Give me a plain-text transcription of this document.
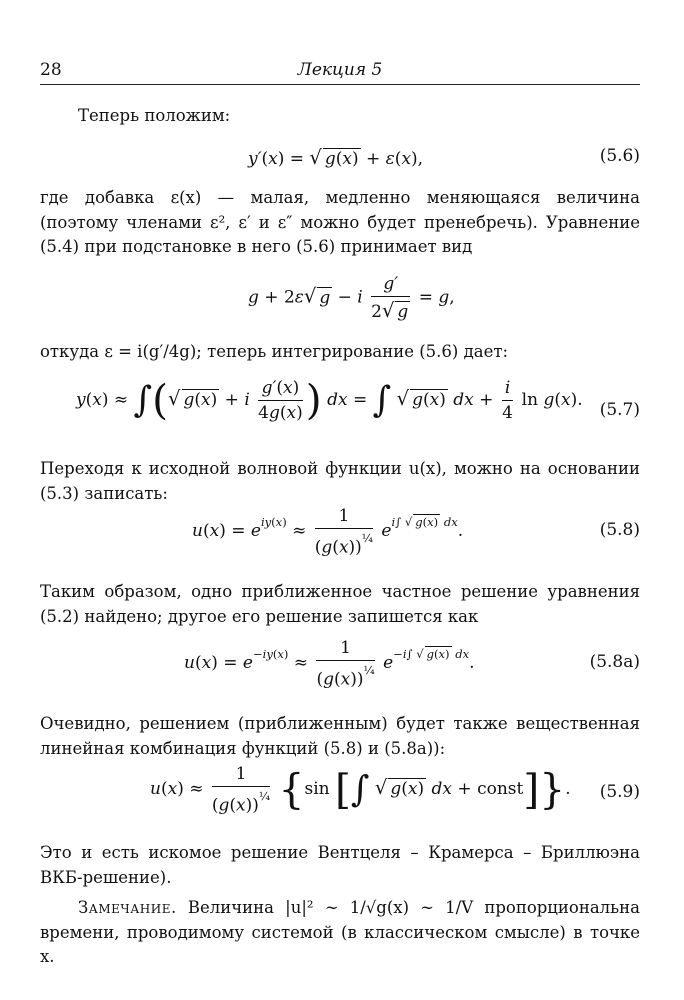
28	Лекция 5
Теперь положим:
y′(x) = √ g(x) + ε(x),	(5.6)
где добавка ε(x) — малая, медленно меняющаяся величина (поэтому членами ε², ε′ и ε″ можно будет пренебречь). Уравнение (5.4) при подстановке в него (5.6) принимает вид
g + 2ε√ g − i $\frac{g'}{2√ g} = g$,
откуда ε = i(g′/4g); теперь интегрирование (5.6) дает:
y(x) ≈ ∫(√ g(x) + i $\frac{g'(x)}{4g(x)}$ ) dx = ∫ √ g(x) dx + $\frac{i}{4}$ ln g(x). (5.7)
Переходя к исходной волновой функции u(x), можно на основании (5.3) записать:
$u(x) = e^{iy(x)} \approx \frac{1}{(g(x))^{\frac{1}{4}}} e^{i\int √ g(x) dx}$.	(5.8)
Таким образом, одно приближенное частное решение уравнения (5.2) найдено; другое его решение запишется как
$u(x) = e^{-iy(x)} \approx \frac{1}{(g(x))^{\frac{1}{4}}} e^{-i\int √ g(x) dx}$.	(5.8a)
Очевидно, решением (приближенным) будет также вещественная линейная комбинация функций (5.8) и (5.8a)):
$u(x) \approx \frac{1}{(g(x))^{\frac{1}{4}}} \{\sin$ [∫ √ g(x) dx + const]}. (5.9)
Это и есть искомое решение Вентцеля – Крамерса – Бриллюэна ВКБ-решение).
Замечание. Величина |u|² ∼ 1/√g(x) ∼ 1/V пропорциональна времени, проводимому системой (в классическом смысле) в точке x.
